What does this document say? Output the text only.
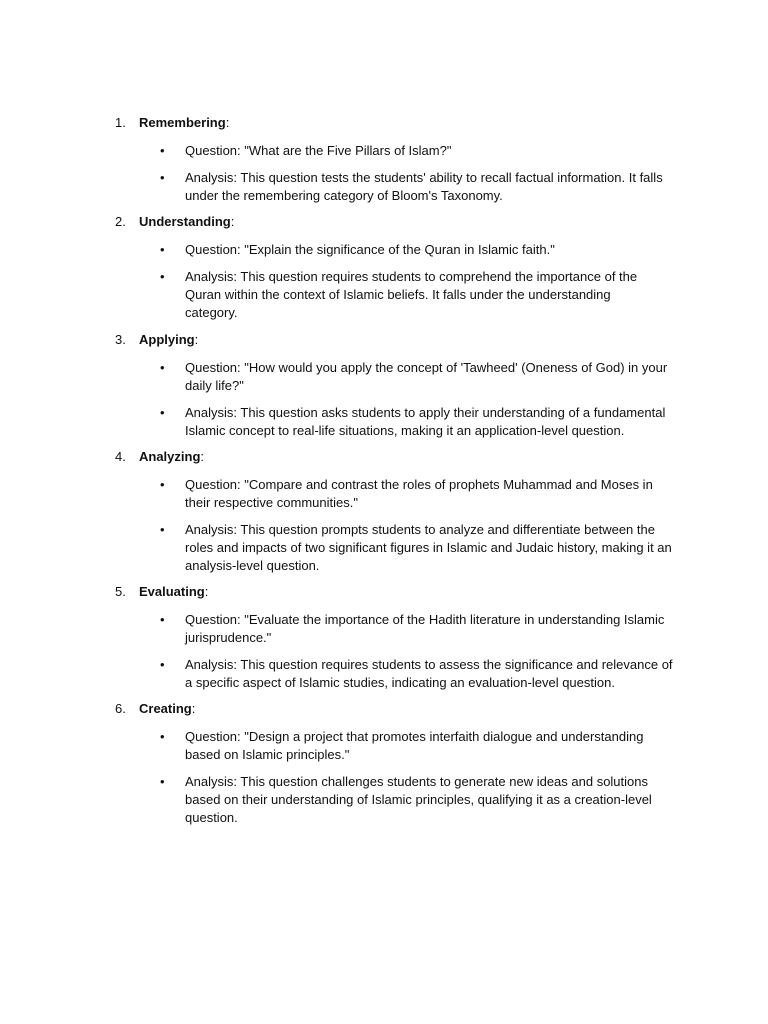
1. Remembering:
• Question: "What are the Five Pillars of Islam?"
• Analysis: This question tests the students' ability to recall factual information. It falls
under the remembering category of Bloom's Taxonomy.
2. Understanding:
• Question: "Explain the significance of the Quran in Islamic faith."
• Analysis: This question requires students to comprehend the importance of the
Quran within the context of Islamic beliefs. It falls under the understanding
category.
3. Applying:
• Question: "How would you apply the concept of 'Tawheed' (Oneness of God) in your
daily life?"
• Analysis: This question asks students to apply their understanding of a fundamental
Islamic concept to real-life situations, making it an application-level question.
4. Analyzing:
• Question: "Compare and contrast the roles of prophets Muhammad and Moses in
their respective communities."
• Analysis: This question prompts students to analyze and differentiate between the
roles and impacts of two significant figures in Islamic and Judaic history, making it an
analysis-level question.
5. Evaluating:
• Question: "Evaluate the importance of the Hadith literature in understanding Islamic
jurisprudence."
• Analysis: This question requires students to assess the significance and relevance of
a specific aspect of Islamic studies, indicating an evaluation-level question.
6. Creating:
• Question: "Design a project that promotes interfaith dialogue and understanding
based on Islamic principles."
• Analysis: This question challenges students to generate new ideas and solutions
based on their understanding of Islamic principles, qualifying it as a creation-level
question.
